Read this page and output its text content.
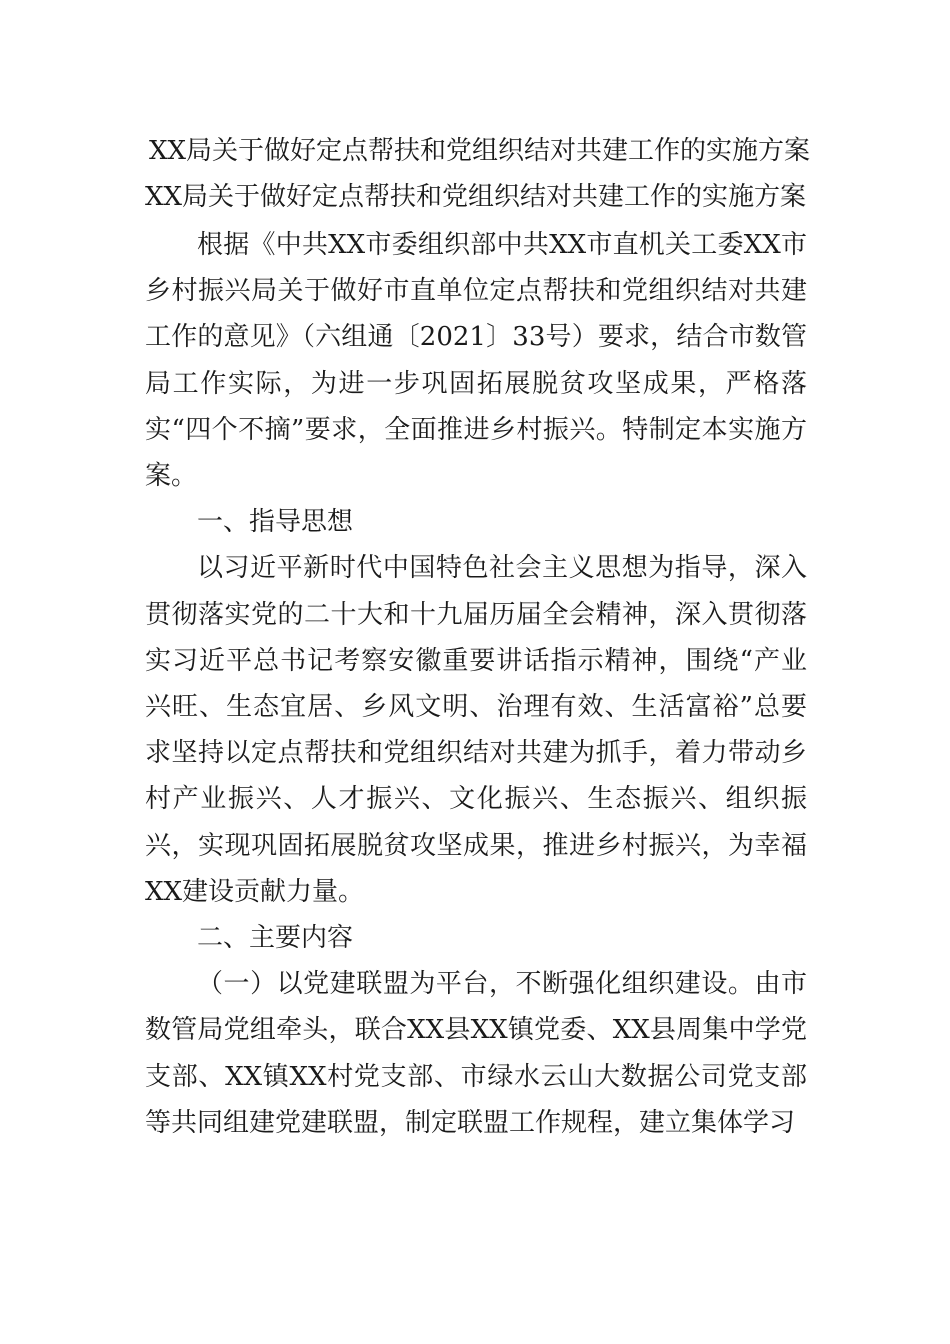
XX局关于做好定点帮扶和党组织结对共建工作的实施方案
XX局关于做好定点帮扶和党组织结对共建工作的实施方案

根据《中共XX市委组织部中共XX市直机关工委XX市乡村振兴局关于做好市直单位定点帮扶和党组织结对共建工作的意见》（六组通〔2021〕33号）要求，结合市数管局工作实际，为进一步巩固拓展脱贫攻坚成果，严格落实“四个不摘”要求，全面推进乡村振兴。特制定本实施方案。

一、指导思想

以习近平新时代中国特色社会主义思想为指导，深入贯彻落实党的二十大和十九届历届全会精神，深入贯彻落实习近平总书记考察安徽重要讲话指示精神，围绕“产业兴旺、生态宜居、乡风文明、治理有效、生活富裕”总要求坚持以定点帮扶和党组织结对共建为抓手，着力带动乡村产业振兴、人才振兴、文化振兴、生态振兴、组织振兴，实现巩固拓展脱贫攻坚成果，推进乡村振兴，为幸福XX建设贡献力量。

二、主要内容

（一）以党建联盟为平台，不断强化组织建设。由市数管局党组牵头，联合XX县XX镇党委、XX县周集中学党支部、XX镇XX村党支部、市绿水云山大数据公司党支部等共同组建党建联盟，制定联盟工作规程，建立集体学习
